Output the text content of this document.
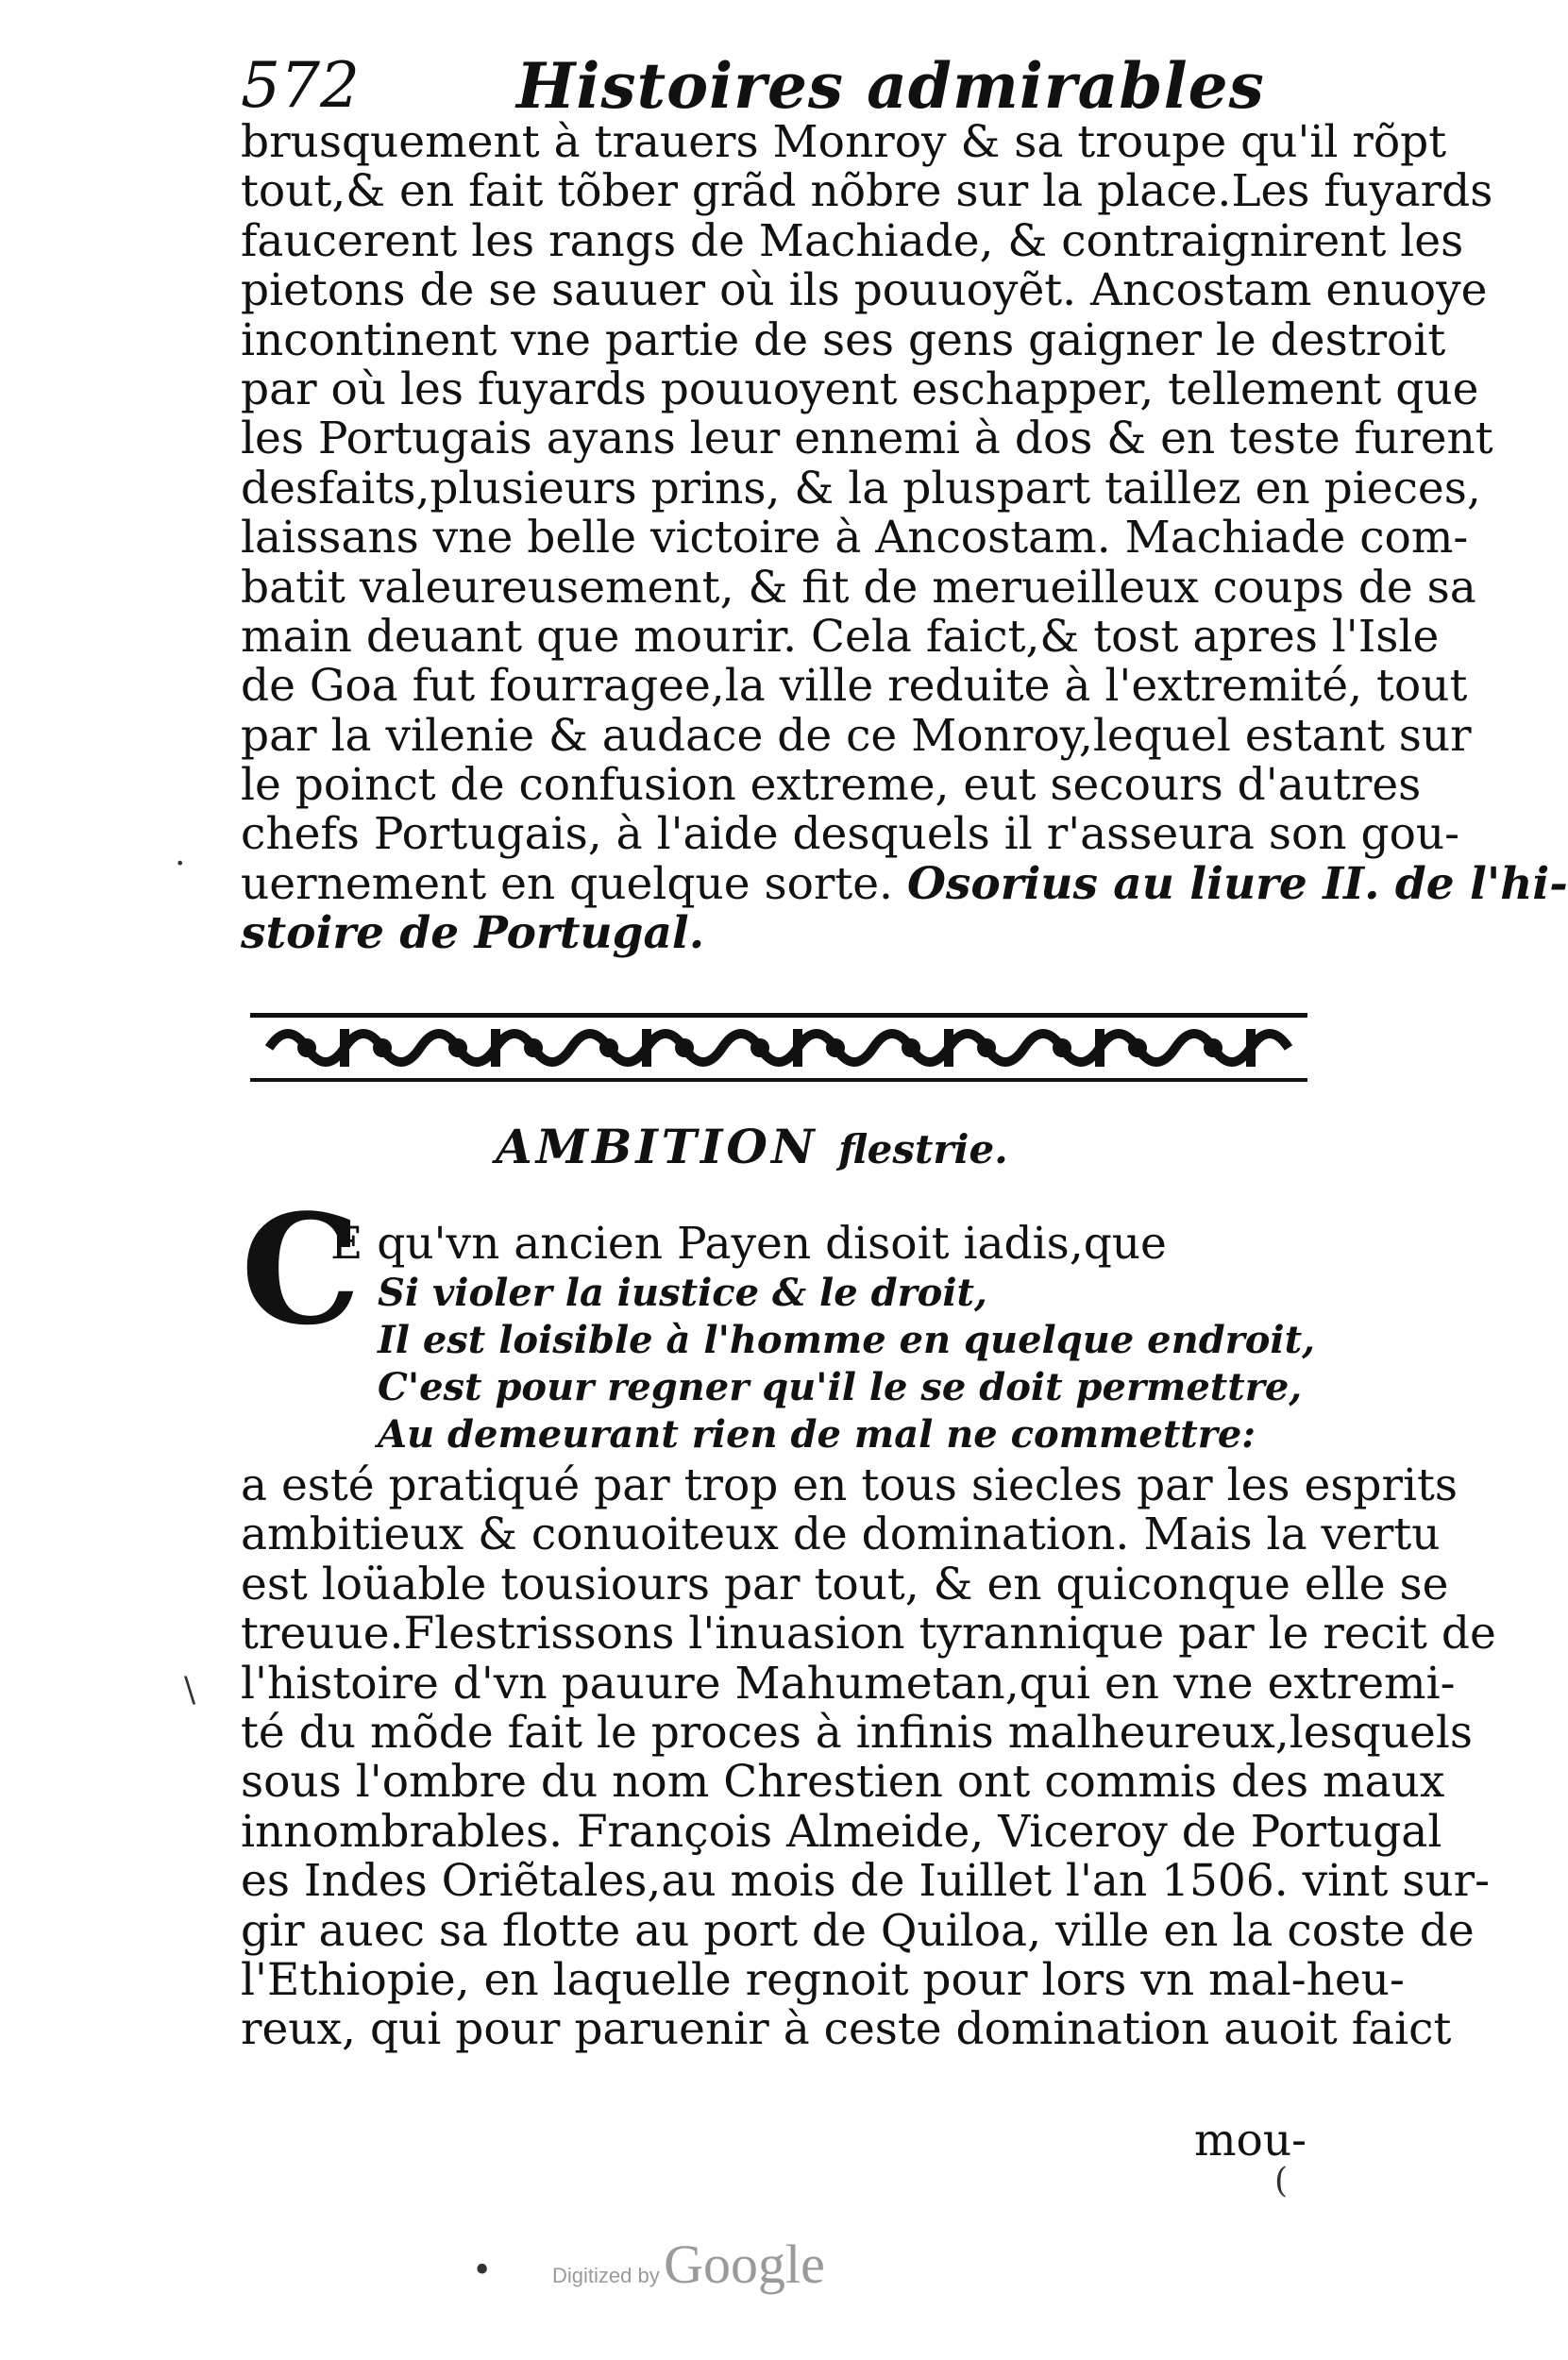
572	Histoires admirables
brusquement à trauers Monroy & sa troupe qu'il rõpt
tout,& en fait tõber grãd nõbre sur la place.Les fuyards
faucerent les rangs de Machiade, & contraignirent les
pietons de se sauuer où ils pouuoyẽt. Ancostam enuoye
incontinent vne partie de ses gens gaigner le destroit
par où les fuyards pouuoyent eschapper, tellement que
les Portugais ayans leur ennemi à dos & en teste furent
desfaits,plusieurs prins, & la pluspart taillez en pieces,
laissans vne belle victoire à Ancostam. Machiade com-
batit valeureusement, & fit de merueilleux coups de sa
main deuant que mourir. Cela faict,& tost apres l'Isle
de Goa fut fourragee,la ville reduite à l'extremité, tout
par la vilenie & audace de ce Monroy,lequel estant sur
le poinct de confusion extreme, eut secours d'autres
chefs Portugais, à l'aide desquels il r'asseura son gou-
uernement en quelque sorte. Osorius au liure II. de l'hi-
stoire de Portugal.
AMBITION flestrie.
C
E qu'vn ancien Payen disoit iadis,que
Si violer la iustice & le droit,
Il est loisible à l'homme en quelque endroit,
C'est pour regner qu'il le se doit permettre,
Au demeurant rien de mal ne commettre:
a esté pratiqué par trop en tous siecles par les esprits
ambitieux & conuoiteux de domination. Mais la vertu
est loüable tousiours par tout, & en quiconque elle se
treuue.Flestrissons l'inuasion tyrannique par le recit de
l'histoire d'vn pauure Mahumetan,qui en vne extremi-
té du mõde fait le proces à infinis malheureux,lesquels
sous l'ombre du nom Chrestien ont commis des maux
innombrables. François Almeide, Viceroy de Portugal
es Indes Oriẽtales,au mois de Iuillet l'an 1506. vint sur-
gir auec sa flotte au port de Quiloa, ville en la coste de
l'Ethiopie, en laquelle regnoit pour lors vn mal-heu-
reux, qui pour paruenir à ceste domination auoit faict
mou-
Digitized by Google
·
\
(
•
